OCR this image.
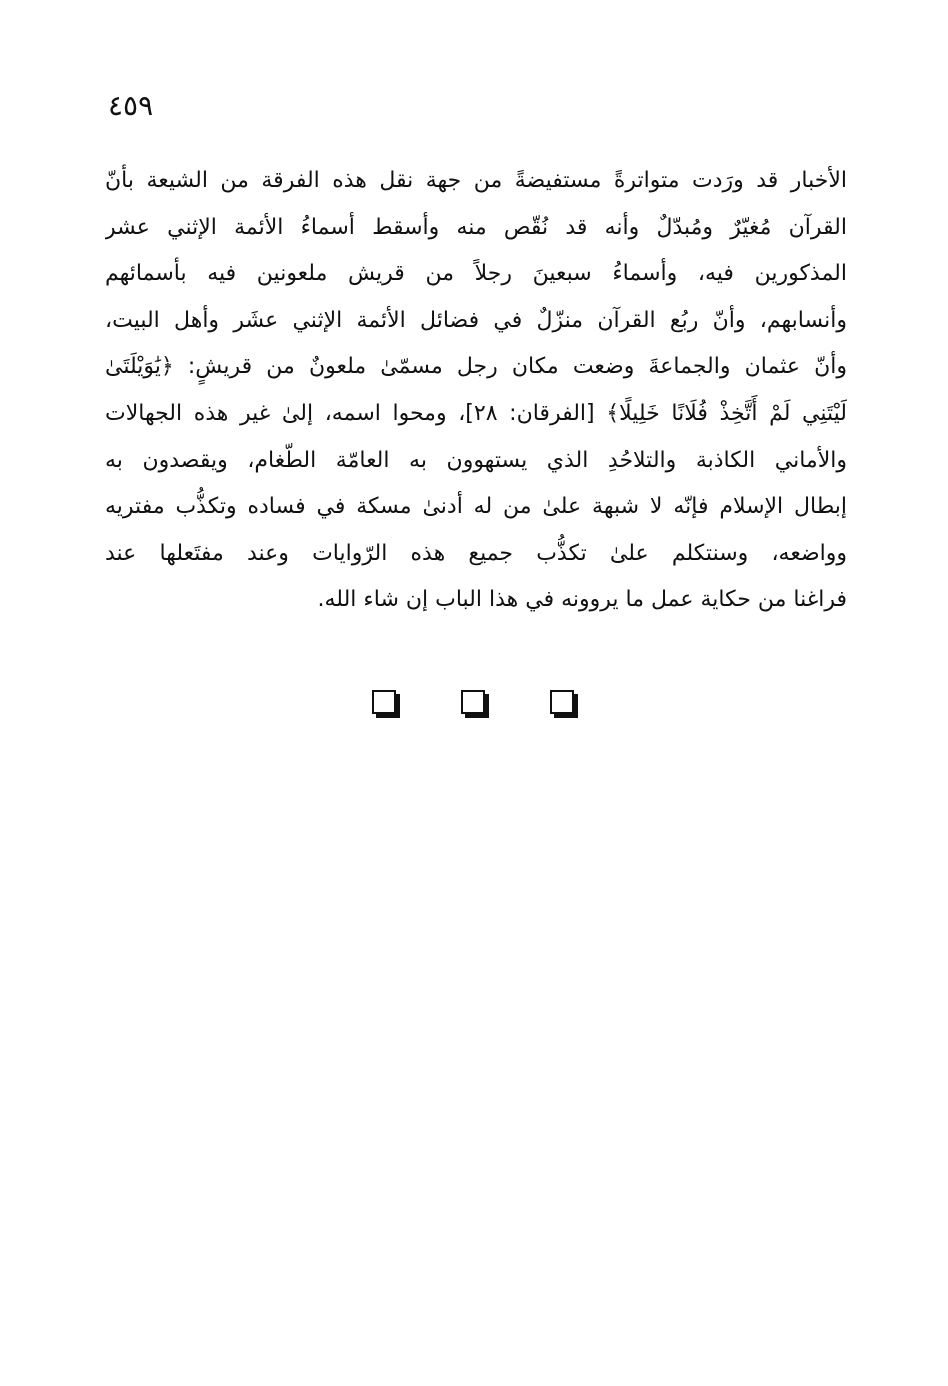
٤٥٩
الأخبار قد ورَدت متواترةً مستفيضةً من جهة نقل هذه الفرقة من الشيعة بأنّ
القرآن مُغيّرٌ ومُبدّلٌ وأنه قد نُقّص منه وأسقط أسماءُ الأئمة الإثني عشر
المذكورين فيه، وأسماءُ سبعينَ رجلاً من قريش ملعونين فيه بأسمائهم
وأنسابهم، وأنّ ربُع القرآن منزّلٌ في فضائل الأئمة الإثني عشَر وأهل البيت،
وأنّ عثمان والجماعةَ وضعت مكان رجل مسمّىٰ ملعونٌ من قريشٍ: ﴿يَٰوَيْلَتَىٰ
لَيْتَنِي لَمْ أَتَّخِذْ فُلَانًا خَلِيلًا﴾ [الفرقان: ٢٨]، ومحوا اسمه، إلىٰ غير هذه الجهالات
والأماني الكاذبة والتلاحُدِ الذي يستهوون به العامّة الطّغام، ويقصدون به
إبطال الإسلام فإنّه لا شبهة علىٰ من له أدنىٰ مسكة في فساده وتكذُّب مفتريه
وواضعه، وسنتكلم علىٰ تكذُّب جميع هذه الرّوايات وعند مفتَعلها عند
فراغنا من حكاية عمل ما يروونه في هذا الباب إن شاء الله.
